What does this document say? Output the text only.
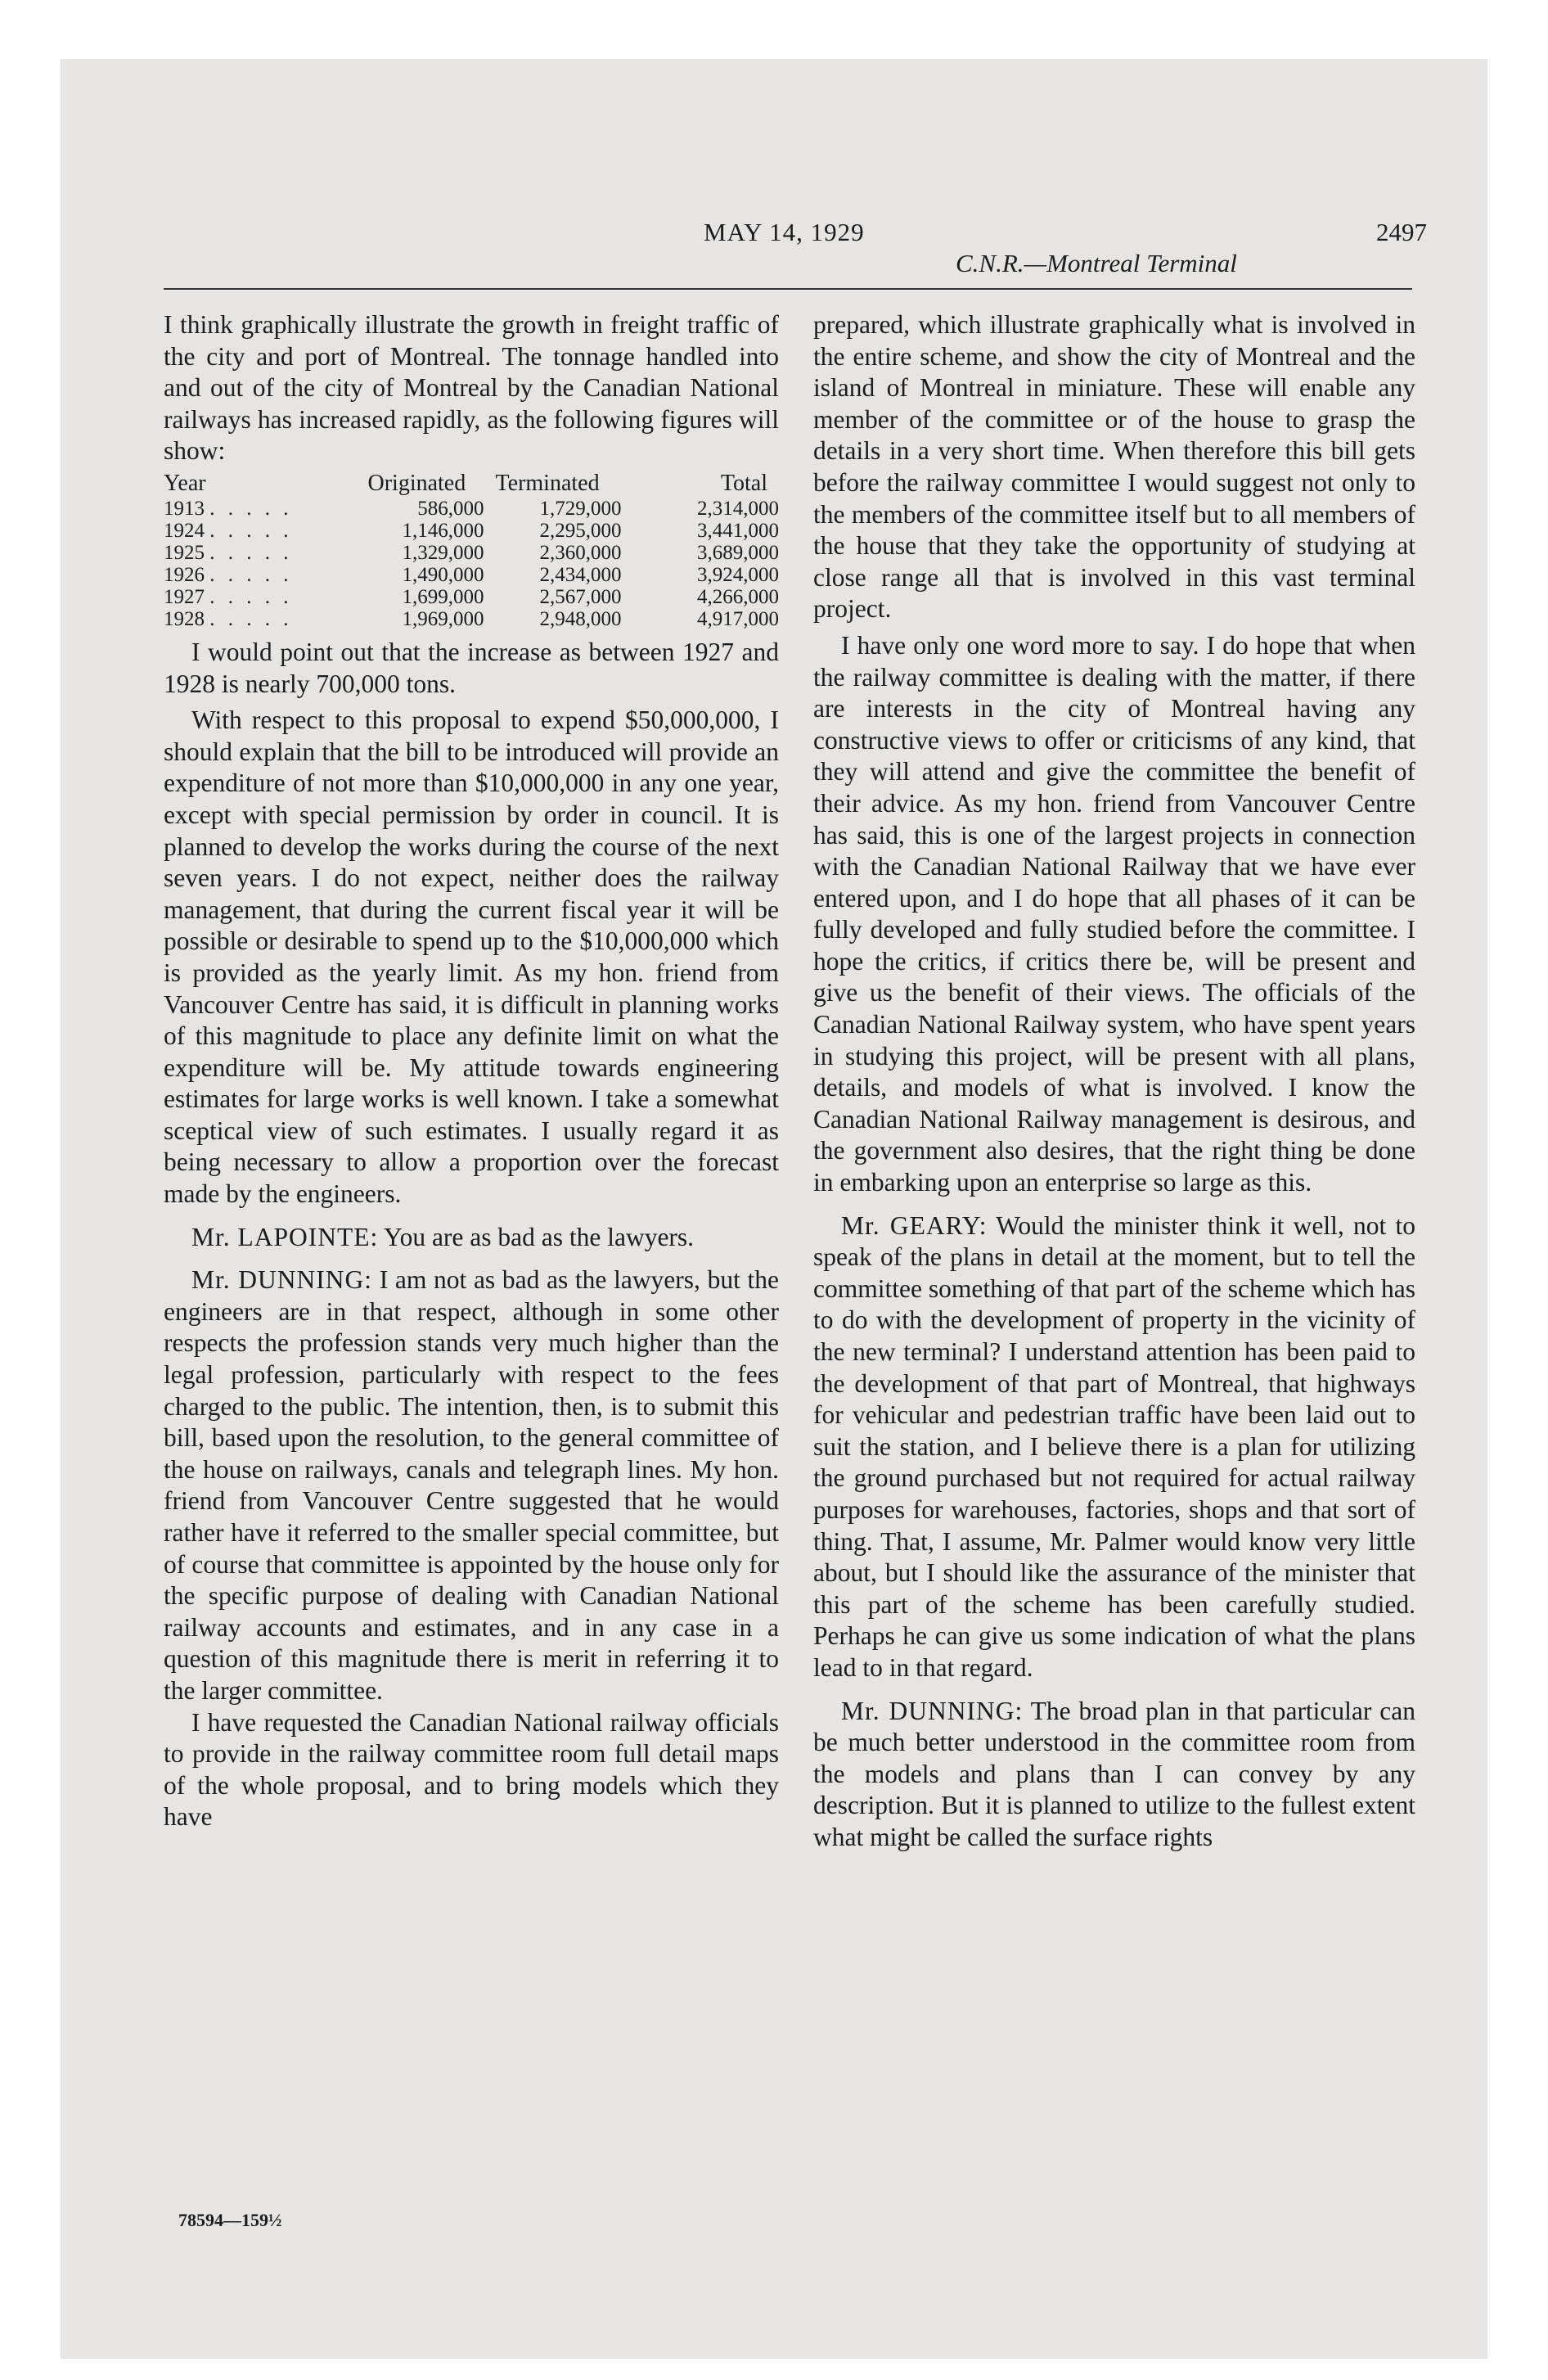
MAY 14, 1929	2497
C.N.R.—Montreal Terminal

I think graphically illustrate the growth in freight traffic of the city and port of Montreal. The tonnage handled into and out of the city of Montreal by the Canadian National railways has increased rapidly, as the following figures will show:

Year	Originated	Terminated	Total
1913 . . . . .	586,000	1,729,000	2,314,000
1924 . . . . .	1,146,000	2,295,000	3,441,000
1925 . . . . .	1,329,000	2,360,000	3,689,000
1926 . . . . .	1,490,000	2,434,000	3,924,000
1927 . . . . .	1,699,000	2,567,000	4,266,000
1928 . . . . .	1,969,000	2,948,000	4,917,000

I would point out that the increase as between 1927 and 1928 is nearly 700,000 tons.

With respect to this proposal to expend $50,000,000, I should explain that the bill to be introduced will provide an expenditure of not more than $10,000,000 in any one year, except with special permission by order in council. It is planned to develop the works during the course of the next seven years. I do not expect, neither does the railway management, that during the current fiscal year it will be possible or desirable to spend up to the $10,000,000 which is provided as the yearly limit. As my hon. friend from Vancouver Centre has said, it is difficult in planning works of this magnitude to place any definite limit on what the expenditure will be. My attitude towards engineering estimates for large works is well known. I take a somewhat sceptical view of such estimates. I usually regard it as being necessary to allow a proportion over the forecast made by the engineers.

Mr. LAPOINTE: You are as bad as the lawyers.

Mr. DUNNING: I am not as bad as the lawyers, but the engineers are in that respect, although in some other respects the profession stands very much higher than the legal profession, particularly with respect to the fees charged to the public. The intention, then, is to submit this bill, based upon the resolution, to the general committee of the house on railways, canals and telegraph lines. My hon. friend from Vancouver Centre suggested that he would rather have it referred to the smaller special committee, but of course that committee is appointed by the house only for the specific purpose of dealing with Canadian National railway accounts and estimates, and in any case in a question of this magnitude there is merit in referring it to the larger committee.

I have requested the Canadian National railway officials to provide in the railway committee room full detail maps of the whole proposal, and to bring models which they have

prepared, which illustrate graphically what is involved in the entire scheme, and show the city of Montreal and the island of Montreal in miniature. These will enable any member of the committee or of the house to grasp the details in a very short time. When therefore this bill gets before the railway committee I would suggest not only to the members of the committee itself but to all members of the house that they take the opportunity of studying at close range all that is involved in this vast terminal project.

I have only one word more to say. I do hope that when the railway committee is dealing with the matter, if there are interests in the city of Montreal having any constructive views to offer or criticisms of any kind, that they will attend and give the committee the benefit of their advice. As my hon. friend from Vancouver Centre has said, this is one of the largest projects in connection with the Canadian National Railway that we have ever entered upon, and I do hope that all phases of it can be fully developed and fully studied before the committee. I hope the critics, if critics there be, will be present and give us the benefit of their views. The officials of the Canadian National Railway system, who have spent years in studying this project, will be present with all plans, details, and models of what is involved. I know the Canadian National Railway management is desirous, and the government also desires, that the right thing be done in embarking upon an enterprise so large as this.

Mr. GEARY: Would the minister think it well, not to speak of the plans in detail at the moment, but to tell the committee something of that part of the scheme which has to do with the development of property in the vicinity of the new terminal? I understand attention has been paid to the development of that part of Montreal, that highways for vehicular and pedestrian traffic have been laid out to suit the station, and I believe there is a plan for utilizing the ground purchased but not required for actual railway purposes for warehouses, factories, shops and that sort of thing. That, I assume, Mr. Palmer would know very little about, but I should like the assurance of the minister that this part of the scheme has been carefully studied. Perhaps he can give us some indication of what the plans lead to in that regard.

Mr. DUNNING: The broad plan in that particular can be much better understood in the committee room from the models and plans than I can convey by any description. But it is planned to utilize to the fullest extent what might be called the surface rights

78594—159½
